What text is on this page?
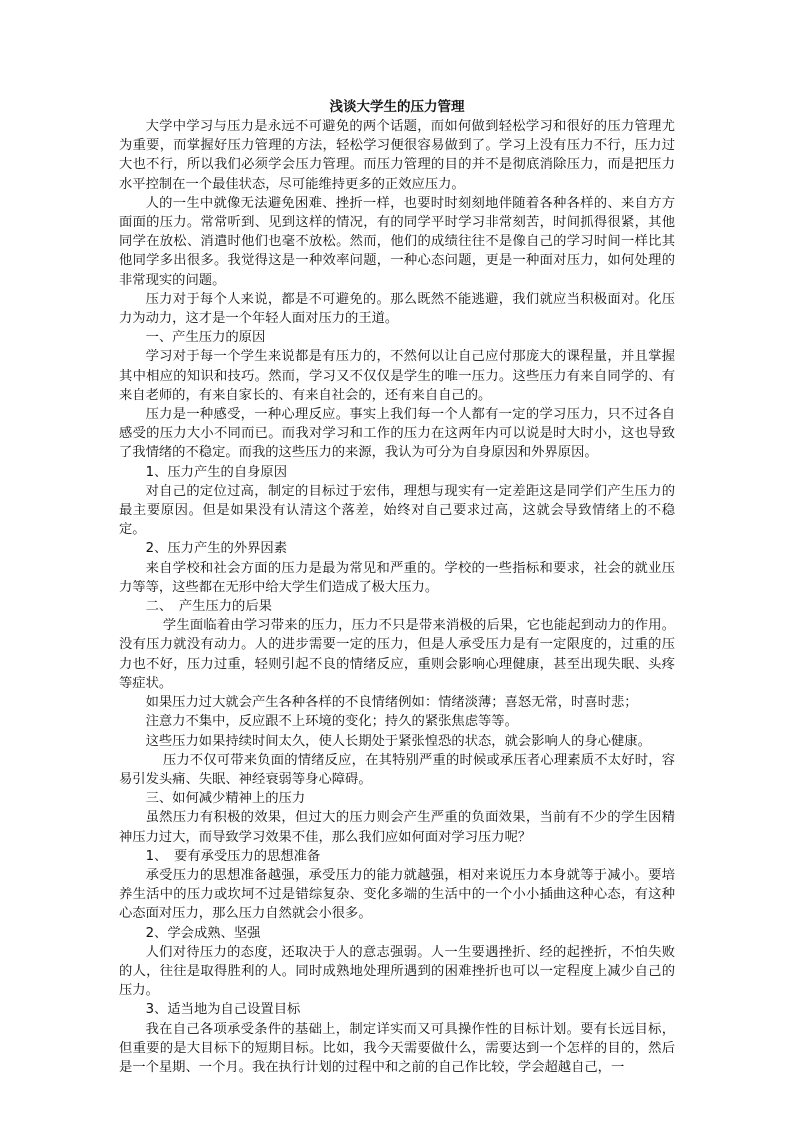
浅谈大学生的压力管理

大学中学习与压力是永远不可避免的两个话题，而如何做到轻松学习和很好的压力管理尤为重要，而掌握好压力管理的方法，轻松学习便很容易做到了。学习上没有压力不行，压力过大也不行，所以我们必须学会压力管理。而压力管理的目的并不是彻底消除压力，而是把压力水平控制在一个最佳状态，尽可能维持更多的正效应压力。

人的一生中就像无法避免困难、挫折一样，也要时时刻刻地伴随着各种各样的、来自方方面面的压力。常常听到、见到这样的情况，有的同学平时学习非常刻苦，时间抓得很紧，其他同学在放松、消遣时他们也毫不放松。然而，他们的成绩往往不是像自己的学习时间一样比其他同学多出很多。我觉得这是一种效率问题，一种心态问题，更是一种面对压力，如何处理的非常现实的问题。

压力对于每个人来说，都是不可避免的。那么既然不能逃避，我们就应当积极面对。化压力为动力，这才是一个年轻人面对压力的王道。

一、产生压力的原因

学习对于每一个学生来说都是有压力的，不然何以让自己应付那庞大的课程量，并且掌握其中相应的知识和技巧。然而，学习又不仅仅是学生的唯一压力。这些压力有来自同学的、有来自老师的，有来自家长的、有来自社会的，还有来自自己的。

压力是一种感受，一种心理反应。事实上我们每一个人都有一定的学习压力，只不过各自感受的压力大小不同而已。而我对学习和工作的压力在这两年内可以说是时大时小，这也导致了我情绪的不稳定。而我的这些压力的来源，我认为可分为自身原因和外界原因。

1、压力产生的自身原因

对自己的定位过高，制定的目标过于宏伟，理想与现实有一定差距这是同学们产生压力的最主要原因。但是如果没有认清这个落差，始终对自己要求过高，这就会导致情绪上的不稳定。

2、压力产生的外界因素

来自学校和社会方面的压力是最为常见和严重的。学校的一些指标和要求，社会的就业压力等等，这些都在无形中给大学生们造成了极大压力。

二、　产生压力的后果

学生面临着由学习带来的压力，压力不只是带来消极的后果，它也能起到动力的作用。没有压力就没有动力。人的进步需要一定的压力，但是人承受压力是有一定限度的，过重的压力也不好，压力过重，轻则引起不良的情绪反应，重则会影响心理健康，甚至出现失眠、头疼等症状。

如果压力过大就会产生各种各样的不良情绪例如：情绪淡薄；喜怒无常，时喜时悲；

注意力不集中，反应跟不上环境的变化；持久的紧张焦虑等等。

这些压力如果持续时间太久，使人长期处于紧张惶恐的状态，就会影响人的身心健康。

压力不仅可带来负面的情绪反应，在其特别严重的时候或承压者心理素质不太好时，容易引发头痛、失眠、神经衰弱等身心障碍。

三、如何减少精神上的压力

虽然压力有积极的效果，但过大的压力则会产生严重的负面效果，当前有不少的学生因精神压力过大，而导致学习效果不佳，那么我们应如何面对学习压力呢？

1、　要有承受压力的思想准备

承受压力的思想准备越强，承受压力的能力就越强，相对来说压力本身就等于减小。要培养生活中的压力或坎坷不过是错综复杂、变化多端的生活中的一个小小插曲这种心态，有这种心态面对压力，那么压力自然就会小很多。

2、学会成熟、坚强

人们对待压力的态度，还取决于人的意志强弱。人一生要遇挫折、经的起挫折，不怕失败的人，往往是取得胜利的人。同时成熟地处理所遇到的困难挫折也可以一定程度上减少自己的压力。

3、适当地为自己设置目标

我在自己各项承受条件的基础上，制定详实而又可具操作性的目标计划。要有长远目标，但重要的是大目标下的短期目标。比如，我今天需要做什么，需要达到一个怎样的目的，然后是一个星期、一个月。我在执行计划的过程中和之前的自己作比较，学会超越自己，一
